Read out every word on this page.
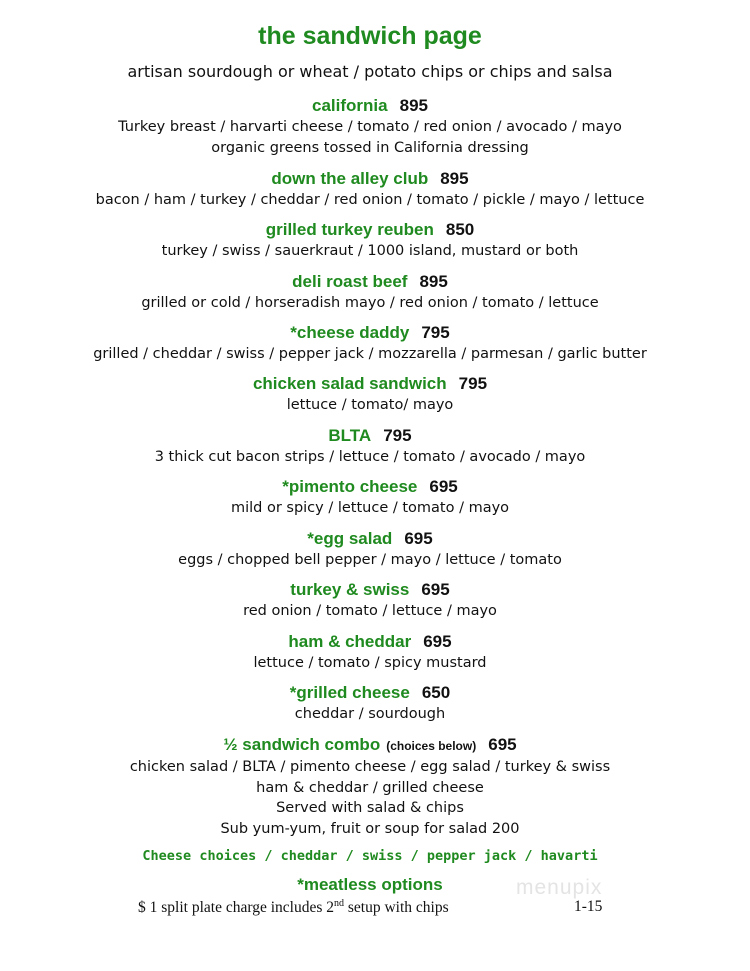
the sandwich page
artisan sourdough or wheat / potato chips or chips and salsa
california 895
Turkey breast / harvarti cheese / tomato / red onion / avocado / mayo
organic greens tossed in California dressing
down the alley club 895
bacon / ham / turkey / cheddar / red onion / tomato / pickle / mayo / lettuce
grilled turkey reuben 850
turkey / swiss / sauerkraut / 1000 island, mustard or both
deli roast beef 895
grilled or cold / horseradish mayo / red onion / tomato / lettuce
*cheese daddy 795
grilled / cheddar / swiss / pepper jack / mozzarella / parmesan / garlic butter
chicken salad sandwich 795
lettuce / tomato/ mayo
BLTA 795
3 thick cut bacon strips / lettuce / tomato / avocado / mayo
*pimento cheese 695
mild or spicy / lettuce / tomato / mayo
*egg salad 695
eggs / chopped bell pepper / mayo / lettuce / tomato
turkey & swiss 695
red onion / tomato / lettuce / mayo
ham & cheddar 695
lettuce / tomato / spicy mustard
*grilled cheese 650
cheddar / sourdough
½ sandwich combo (choices below) 695
chicken salad / BLTA / pimento cheese / egg salad / turkey & swiss
ham & cheddar / grilled cheese
Served with salad & chips
Sub yum-yum, fruit or soup for salad 200
Cheese choices / cheddar / swiss / pepper jack / havarti
*meatless options
$ 1 split plate charge includes 2nd setup with chips	1-15
menupix
